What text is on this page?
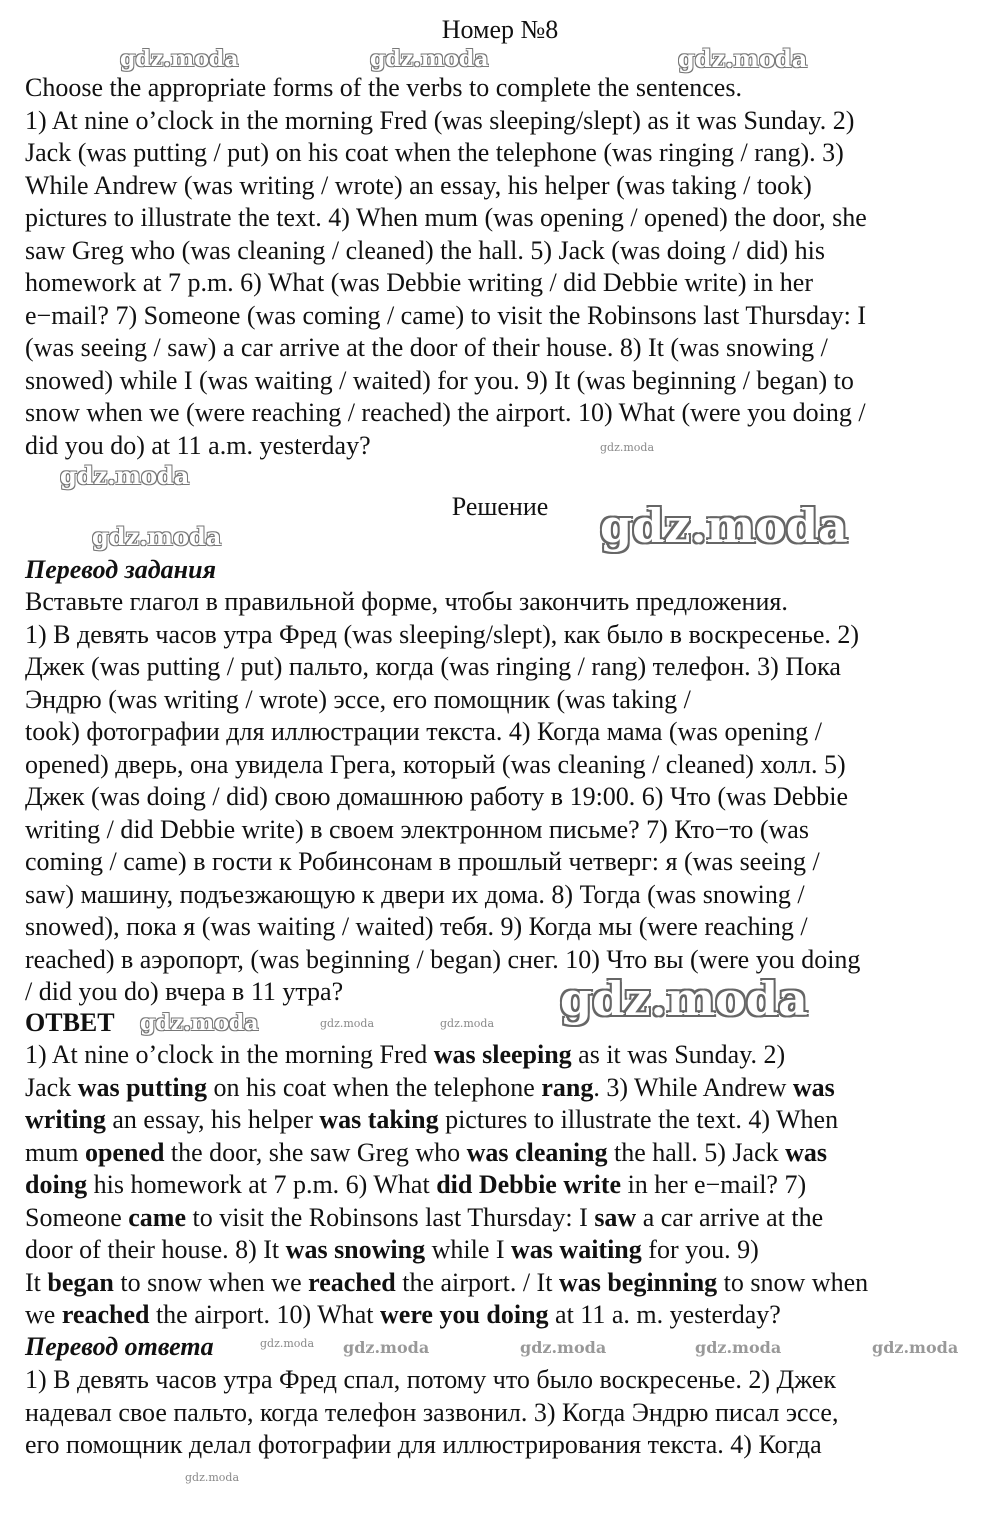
Номер №8
Choose the appropriate forms of the verbs to complete the sentences.
1) At nine o’clock in the morning Fred (was sleeping/slept) as it was Sunday. 2)
Jack (was putting / put) on his coat when the telephone (was ringing / rang). 3)
While Andrew (was writing / wrote) an essay, his helper (was taking / took)
pictures to illustrate the text. 4) When mum (was opening / opened) the door, she
saw Greg who (was cleaning / cleaned) the hall. 5) Jack (was doing / did) his
homework at 7 p.m. 6) What (was Debbie writing / did Debbie write) in her
e−mail? 7) Someone (was coming / came) to visit the Robinsons last Thursday: I
(was seeing / saw) a car arrive at the door of their house. 8) It (was snowing /
snowed) while I (was waiting / waited) for you. 9) It (was beginning / began) to
snow when we (were reaching / reached) the airport. 10) What (were you doing /
did you do) at 11 a.m. yesterday?
Решение
Перевод задания
Вставьте глагол в правильной форме, чтобы закончить предложения.
1) В девять часов утра Фред (was sleeping/slept), как было в воскресенье. 2)
Джек (was putting / put) пальто, когда (was ringing / rang) телефон. 3) Пока
Эндрю (was writing / wrote) эссе, его помощник (was taking /
took) фотографии для иллюстрации текста. 4) Когда мама (was opening /
opened) дверь, она увидела Грега, который (was cleaning / cleaned) холл. 5)
Джек (was doing / did) свою домашнюю работу в 19:00. 6) Что (was Debbie
writing / did Debbie write) в своем электронном письме? 7) Кто−то (was
coming / came) в гости к Робинсонам в прошлый четверг: я (was seeing /
saw) машину, подъезжающую к двери их дома. 8) Тогда (was snowing /
snowed), пока я (was waiting / waited) тебя. 9) Когда мы (were reaching /
reached) в аэропорт, (was beginning / began) снег. 10) Что вы (were you doing
/ did you do) вчера в 11 утра?
ОТВЕТ
1) At nine o’clock in the morning Fred was sleeping as it was Sunday. 2)
Jack was putting on his coat when the telephone rang. 3) While Andrew was
writing an essay, his helper was taking pictures to illustrate the text. 4) When
mum opened the door, she saw Greg who was cleaning the hall. 5) Jack was
doing his homework at 7 p.m. 6) What did Debbie write in her e−mail? 7)
Someone came to visit the Robinsons last Thursday: I saw a car arrive at the
door of their house. 8) It was snowing while I was waiting for you. 9)
It began to snow when we reached the airport. / It was beginning to snow when
we reached the airport. 10) What were you doing at 11 a. m. yesterday?
Перевод ответа
1) В девять часов утра Фред спал, потому что было воскресенье. 2) Джек
надевал свое пальто, когда телефон зазвонил. 3) Когда Эндрю писал эссе,
его помощник делал фотографии для иллюстрирования текста. 4) Когда
gdz.moda	gdz.moda	gdz.moda
gdz.moda
gdz.moda
gdz.moda	gdz.moda
gdz.moda
gdz.moda	gdz.moda	gdz.moda
gdz.moda gdz.moda	gdz.moda	gdz.moda	gdz.moda
gdz.moda
